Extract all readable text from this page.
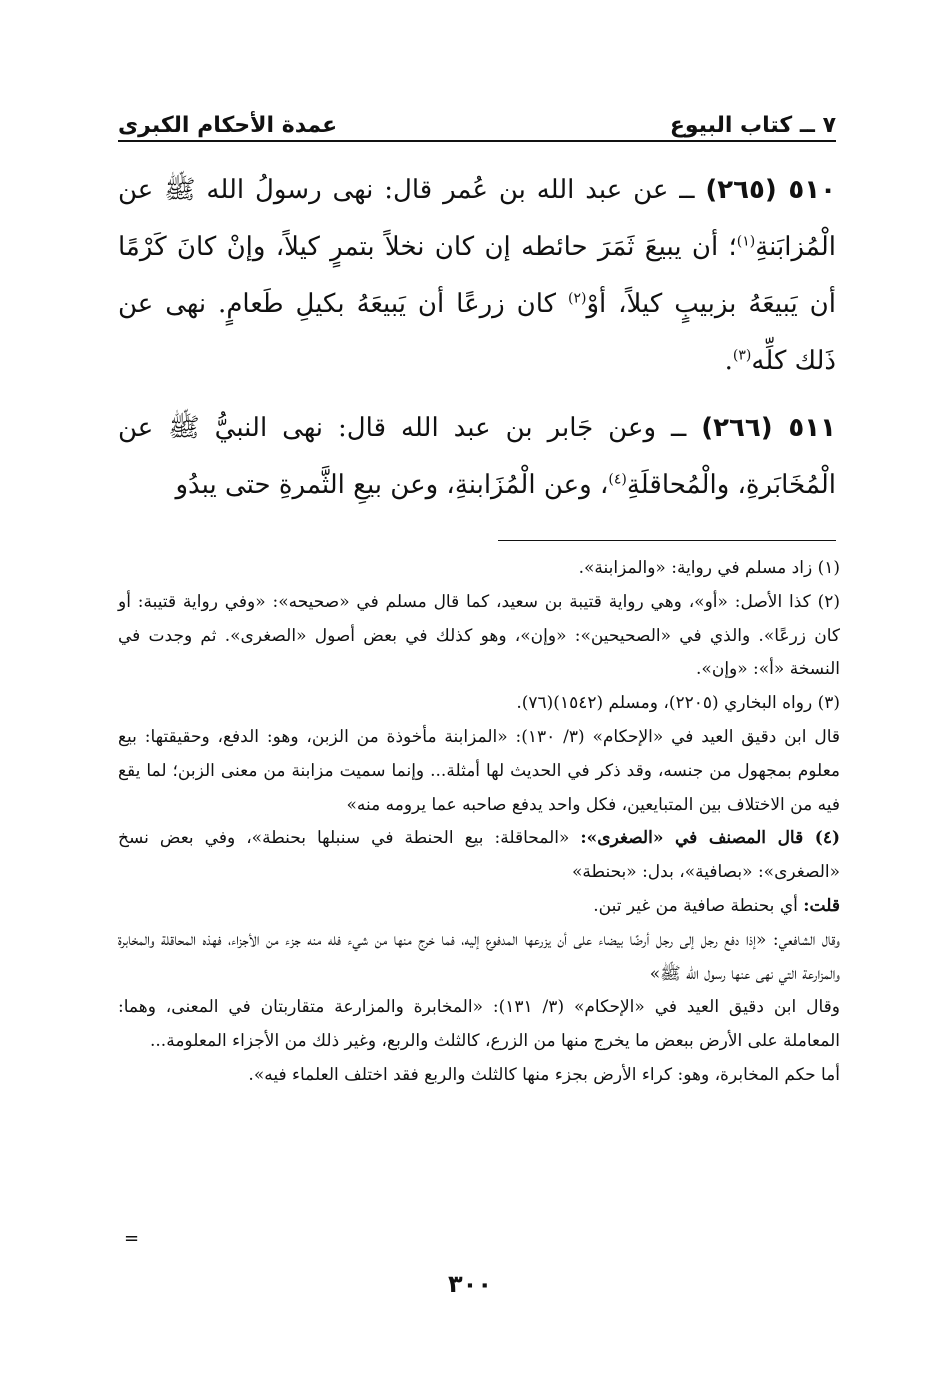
٧ ــ كتاب البيوع
عمدة الأحكام الكبرى
٥١٠ (٢٦٥) ــ عن عبد الله بن عُمر قال: نهى رسولُ الله ﷺ عن الْمُزابَنةِ$^{(١)}$؛ أن يبيعَ ثَمَرَ حائطه إن كان نخلاً بتمرٍ كيلاً، وإنْ كانَ كَرْمًا أن يَبيعَهُ بزبيبٍ كيلاً، أوْ$^{(٢)}$ كان زرعًا أن يَبيعَهُ بكيلِ طَعامٍ. نهى عن ذَلك كلِّه$^{(٣)}$.
٥١١ (٢٦٦) ــ وعن جَابر بن عبد الله قال: نهى النبيُّ ﷺ عن الْمُخَابَرةِ، والْمُحاقلَةِ$^{(٤)}$، وعن الْمُزَابنةِ، وعن بيعِ الثَّمرةِ حتى يبدُو

(١) زاد مسلم في رواية: «والمزابنة».

(٢) كذا الأصل: «أو»، وهي رواية قتيبة بن سعيد، كما قال مسلم في «صحيحه»: «وفي رواية قتيبة: أو كان زرعًا». والذي في «الصحيحين»: «وإن»، وهو كذلك في بعض أصول «الصغرى». ثم وجدت في النسخة «أ»: «وإن».

(٣) رواه البخاري (٢٢٠٥)، ومسلم (١٥٤٢)(٧٦).

قال ابن دقيق العيد في «الإحكام» (٣/ ١٣٠): «المزابنة مأخوذة من الزبن، وهو: الدفع، وحقيقتها: بيع معلوم بمجهول من جنسه، وقد ذكر في الحديث لها أمثلة... وإنما سميت مزابنة من معنى الزبن؛ لما يقع فيه من الاختلاف بين المتبايعين، فكل واحد يدفع صاحبه عما يرومه منه»

(٤) قال المصنف في «الصغرى»: «المحاقلة: بيع الحنطة في سنبلها بحنطة»، وفي بعض نسخ «الصغرى»: «بصافية»، بدل: «بحنطة»

قلت: أي بحنطة صافية من غير تبن.

وقال الشافعي: «إذا دفع رجل إلى رجل أرضًا بيضاء على أن يزرعها المدفوع إليه، فما خرج منها من شيء فله منه جزء من الأجزاء، فهذه المحاقلة والمخابرة والمزارعة التي نهى عنها رسول الله ﷺ»

وقال ابن دقيق العيد في «الإحكام» (٣/ ١٣١): «المخابرة والمزارعة متقاربتان في المعنى، وهما: المعاملة على الأرض ببعض ما يخرج منها من الزرع، كالثلث والربع، وغير ذلك من الأجزاء المعلومة...

أما حكم المخابرة، وهو: كراء الأرض بجزء منها كالثلث والربع فقد اختلف العلماء فيه».

=
٣٠٠
